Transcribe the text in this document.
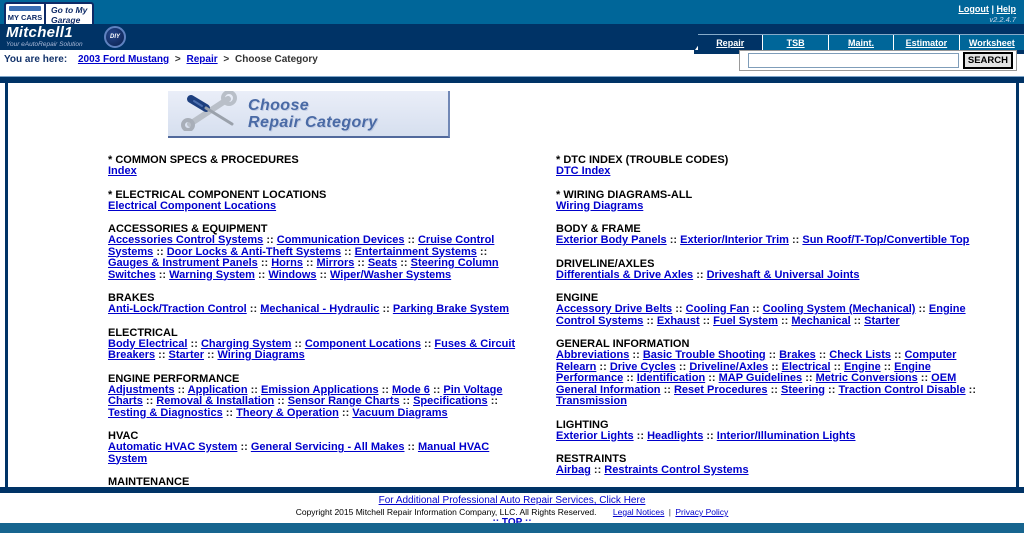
MY CARS
Go to My
Garage
Logout | Help
v2.2.4.7
Mitchell1
Your eAutoRepair Solution
DIY
Repair	TSB	Maint.	Estimator	Worksheet
You are here: 2003 Ford Mustang > Repair > Choose Category	SEARCH
Choose
Repair Category
* COMMON SPECS & PROCEDURES
Index
* ELECTRICAL COMPONENT LOCATIONS
Electrical Component Locations
ACCESSORIES & EQUIPMENT
Accessories Control Systems :: Communication Devices :: Cruise Control Systems :: Door Locks & Anti-Theft Systems :: Entertainment Systems :: Gauges & Instrument Panels :: Horns :: Mirrors :: Seats :: Steering Column Switches :: Warning System :: Windows :: Wiper/Washer Systems
BRAKES
Anti-Lock/Traction Control :: Mechanical - Hydraulic :: Parking Brake System
ELECTRICAL
Body Electrical :: Charging System :: Component Locations :: Fuses & Circuit Breakers :: Starter :: Wiring Diagrams
ENGINE PERFORMANCE
Adjustments :: Application :: Emission Applications :: Mode 6 :: Pin Voltage Charts :: Removal & Installation :: Sensor Range Charts :: Specifications :: Testing & Diagnostics :: Theory & Operation :: Vacuum Diagrams
HVAC
Automatic HVAC System :: General Servicing - All Makes :: Manual HVAC System
MAINTENANCE
* DTC INDEX (TROUBLE CODES)
DTC Index
* WIRING DIAGRAMS-ALL
Wiring Diagrams
BODY & FRAME
Exterior Body Panels :: Exterior/Interior Trim :: Sun Roof/T-Top/Convertible Top
DRIVELINE/AXLES
Differentials & Drive Axles :: Driveshaft & Universal Joints
ENGINE
Accessory Drive Belts :: Cooling Fan :: Cooling System (Mechanical) :: Engine Control Systems :: Exhaust :: Fuel System :: Mechanical :: Starter
GENERAL INFORMATION
Abbreviations :: Basic Trouble Shooting :: Brakes :: Check Lists :: Computer Relearn :: Drive Cycles :: Driveline/Axles :: Electrical :: Engine :: Engine Performance :: Identification :: MAP Guidelines :: Metric Conversions :: OEM General Information :: Reset Procedures :: Steering :: Traction Control Disable :: Transmission
LIGHTING
Exterior Lights :: Headlights :: Interior/Illumination Lights
RESTRAINTS
Airbag :: Restraints Control Systems
For Additional Professional Auto Repair Services, Click Here
Copyright 2015 Mitchell Repair Information Company, LLC. All Rights Reserved. Legal Notices | Privacy Policy
